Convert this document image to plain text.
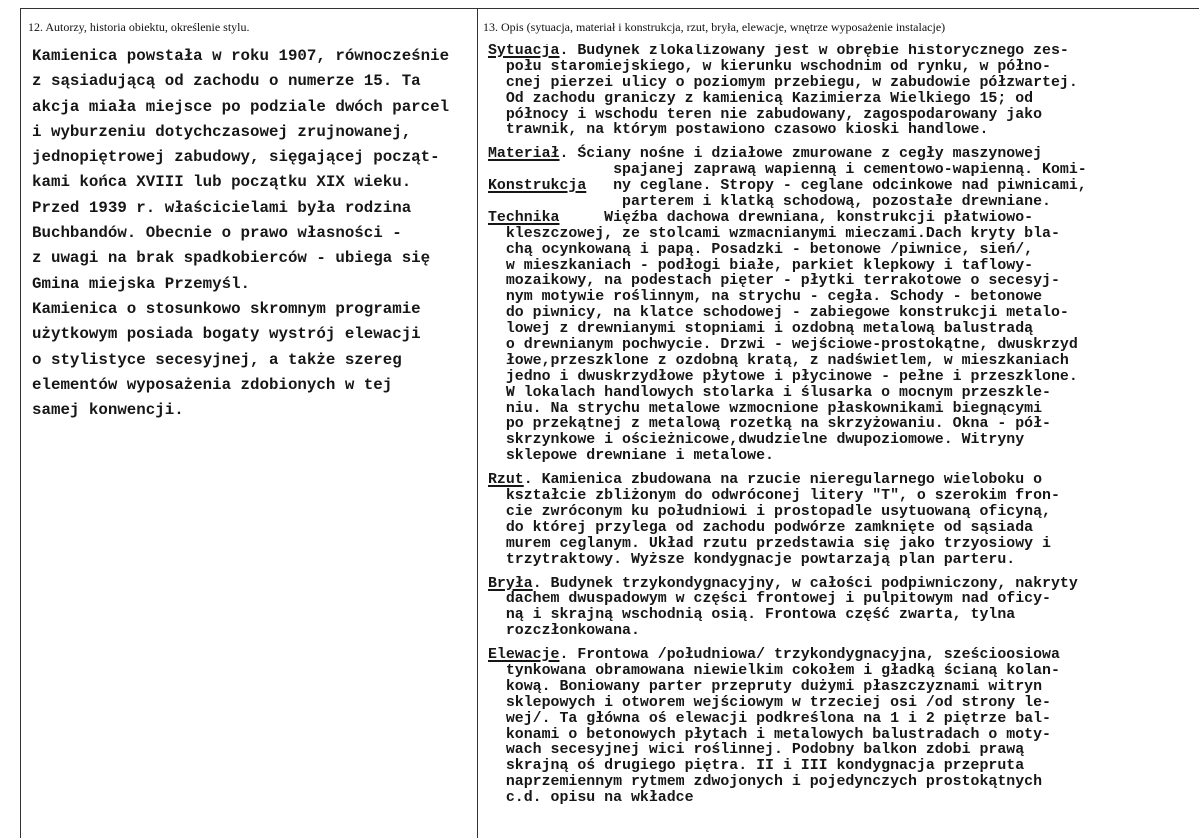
12. Autorzy, historia obiektu, określenie stylu.	13. Opis (sytuacja, materiał i konstrukcja, rzut, bryła, elewacje, wnętrze wyposażenie instalacje)
Kamienica powstała w roku 1907, równocześnie
z sąsiadującą od zachodu o numerze 15. Ta
akcja miała miejsce po podziale dwóch parcel
i wyburzeniu dotychczasowej zrujnowanej,
jednopiętrowej zabudowy, sięgającej począt-
kami końca XVIII lub początku XIX wieku.
Przed 1939 r. właścicielami była rodzina
Buchbandów. Obecnie o prawo własności -
z uwagi na brak spadkobierców - ubiega się
Gmina miejska Przemyśl.
Kamienica o stosunkowo skromnym programie
użytkowym posiada bogaty wystrój elewacji
o stylistyce secesyjnej, a także szereg
elementów wyposażenia zdobionych w tej
samej konwencji.
Sytuacja. Budynek zlokalizowany jest w obrębie historycznego zes-
połu staromiejskiego, w kierunku wschodnim od rynku, w półno-
cnej pierzei ulicy o poziomym przebiegu, w zabudowie półzwartej.
Od zachodu graniczy z kamienicą Kazimierza Wielkiego 15; od
północy i wschodu teren nie zabudowany, zagospodarowany jako
trawnik, na którym postawiono czasowo kioski handlowe.
Materiał. Ściany nośne i działowe zmurowane z cegły maszynowej
spajanej zaprawą wapienną i cementowo-wapienną. Komi-
Konstrukcja   ny ceglane. Stropy - ceglane odcinkowe nad piwnicami,
parterem i klatką schodową, pozostałe drewniane.
Technika     Więźba dachowa drewniana, konstrukcji płatwiowo-
kleszczowej, ze stolcami wzmacnianymi mieczami.Dach kryty bla-
chą ocynkowaną i papą. Posadzki - betonowe /piwnice, sień/,
w mieszkaniach - podłogi białe, parkiet klepkowy i taflowy-
mozaikowy, na podestach pięter - płytki terrakotowe o secesyj-
nym motywie roślinnym, na strychu - cegła. Schody - betonowe
do piwnicy, na klatce schodowej - zabiegowe konstrukcji metalo-
lowej z drewnianymi stopniami i ozdobną metalową balustradą
o drewnianym pochwycie. Drzwi - wejściowe-prostokątne, dwuskrzyd
łowe,przeszklone z ozdobną kratą, z nadświetlem, w mieszkaniach
jedno i dwuskrzydłowe płytowe i płycinowe - pełne i przeszklone.
W lokalach handlowych stolarka i ślusarka o mocnym przeszkle-
niu. Na strychu metalowe wzmocnione płaskownikami biegnącymi
po przekątnej z metalową rozetką na skrzyżowaniu. Okna - pół-
skrzynkowe i ościeżnicowe,dwudzielne dwupoziomowe. Witryny
sklepowe drewniane i metalowe.
Rzut. Kamienica zbudowana na rzucie nieregularnego wieloboku o
kształcie zbliżonym do odwróconej litery "T", o szerokim fron-
cie zwróconym ku południowi i prostopadle usytuowaną oficyną,
do której przylega od zachodu podwórze zamknięte od sąsiada
murem ceglanym. Układ rzutu przedstawia się jako trzyosiowy i
trzytraktowy. Wyższe kondygnacje powtarzają plan parteru.
Bryła. Budynek trzykondygnacyjny, w całości podpiwniczony, nakryty
dachem dwuspadowym w części frontowej i pulpitowym nad oficy-
ną i skrajną wschodnią osią. Frontowa część zwarta, tylna
rozczłonkowana.
Elewacje. Frontowa /południowa/ trzykondygnacyjna, sześcioosiowa
tynkowana obramowana niewielkim cokołem i gładką ścianą kolan-
kową. Boniowany parter przepruty dużymi płaszczyznami witryn
sklepowych i otworem wejściowym w trzeciej osi /od strony le-
wej/. Ta główna oś elewacji podkreślona na 1 i 2 piętrze bal-
konami o betonowych płytach i metalowych balustradach o moty-
wach secesyjnej wici roślinnej. Podobny balkon zdobi prawą
skrajną oś drugiego piętra. II i III kondygnacja przepruta
naprzemiennym rytmem zdwojonych i pojedynczych prostokątnych
c.d. opisu na wkładce
